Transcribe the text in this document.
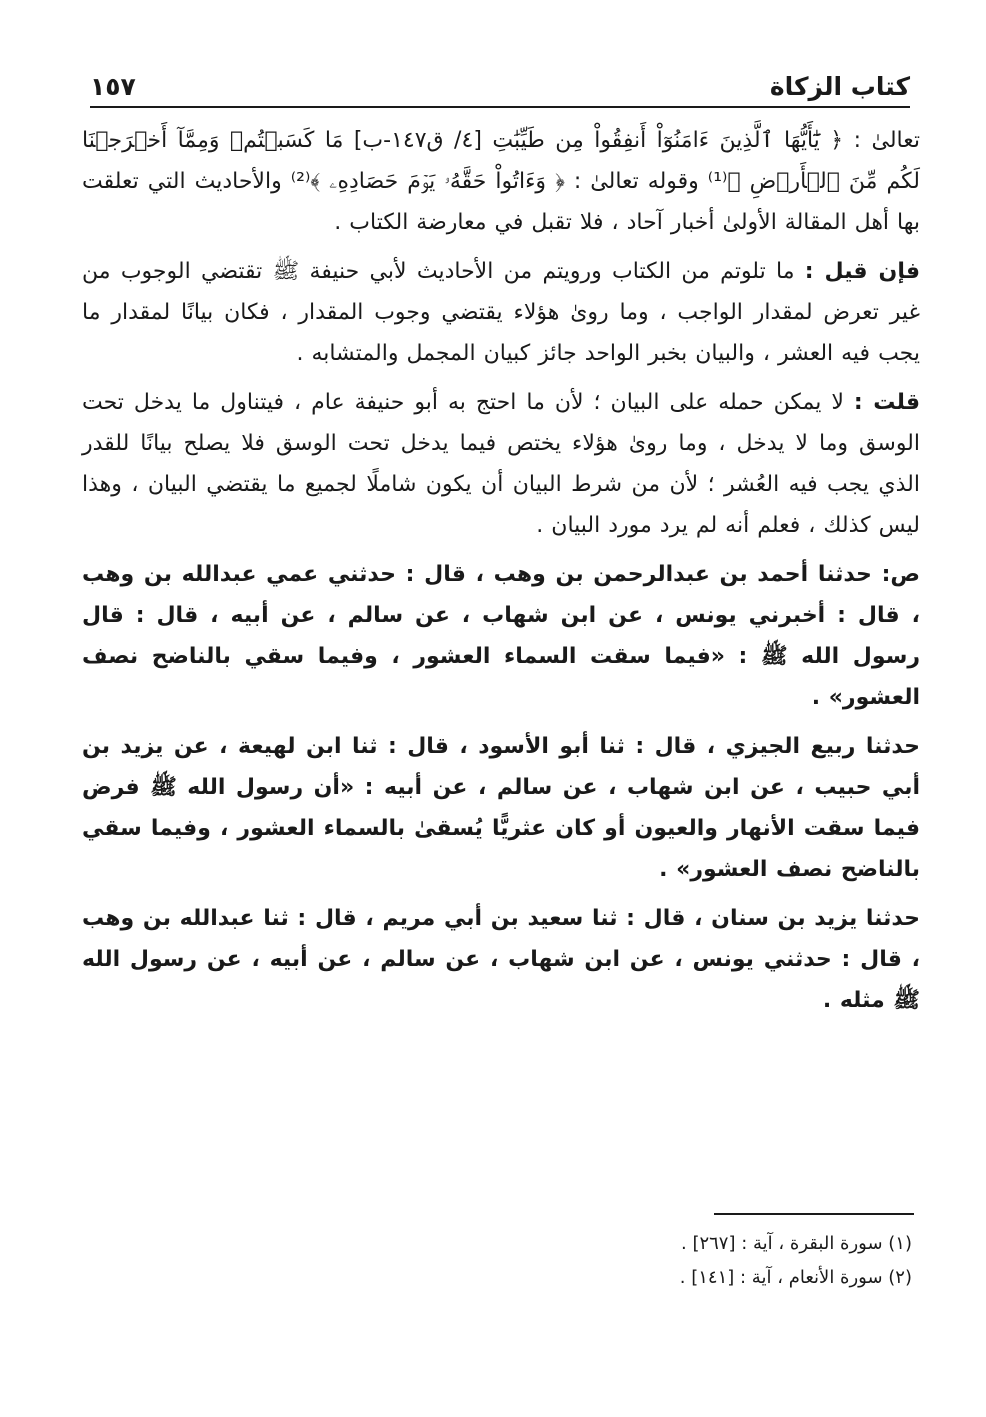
كتاب الزكاة
١٥٧

تعالىٰ : ﴿ يَٰٓأَيُّهَا ٱلَّذِينَ ءَامَنُوٓاْ أَنفِقُواْ مِن طَيِّبَٰتِ [٤/ ق١٤٧-ب] مَا كَسَبۡتُمۡ وَمِمَّآ أَخۡرَجۡنَا لَكُم مِّنَ ٱلۡأَرۡضِ ﴾⁽¹⁾ وقوله تعالىٰ : ﴿ وَءَاتُواْ حَقَّهُۥ يَوۡمَ حَصَادِهِۦ ﴾⁽²⁾ والأحاديث التي تعلقت بها أهل المقالة الأولىٰ أخبار آحاد ، فلا تقبل في معارضة الكتاب .

فإن قيل : ما تلوتم من الكتاب ورويتم من الأحاديث لأبي حنيفة ﷺ تقتضي الوجوب من غير تعرض لمقدار الواجب ، وما روىٰ هؤلاء يقتضي وجوب المقدار ، فكان بيانًا لمقدار ما يجب فيه العشر ، والبيان بخبر الواحد جائز كبيان المجمل والمتشابه .

قلت : لا يمكن حمله على البيان ؛ لأن ما احتج به أبو حنيفة عام ، فيتناول ما يدخل تحت الوسق وما لا يدخل ، وما روىٰ هؤلاء يختص فيما يدخل تحت الوسق فلا يصلح بيانًا للقدر الذي يجب فيه العُشر ؛ لأن من شرط البيان أن يكون شاملًا لجميع ما يقتضي البيان ، وهذا ليس كذلك ، فعلم أنه لم يرد مورد البيان .

ص: حدثنا أحمد بن عبدالرحمن بن وهب ، قال : حدثني عمي عبدالله بن وهب ، قال : أخبرني يونس ، عن ابن شهاب ، عن سالم ، عن أبيه ، قال : قال رسول الله ﷺ : «فيما سقت السماء العشور ، وفيما سقي بالناضح نصف العشور» .

حدثنا ربيع الجيزي ، قال : ثنا أبو الأسود ، قال : ثنا ابن لهيعة ، عن يزيد بن أبي حبيب ، عن ابن شهاب ، عن سالم ، عن أبيه : «أن رسول الله ﷺ فرض فيما سقت الأنهار والعيون أو كان عثريًّا يُسقىٰ بالسماء العشور ، وفيما سقي بالناضح نصف العشور» .

حدثنا يزيد بن سنان ، قال : ثنا سعيد بن أبي مريم ، قال : ثنا عبدالله بن وهب ، قال : حدثني يونس ، عن ابن شهاب ، عن سالم ، عن أبيه ، عن رسول الله ﷺ مثله .

(١) سورة البقرة ، آية : [٢٦٧] .
(٢) سورة الأنعام ، آية : [١٤١] .
